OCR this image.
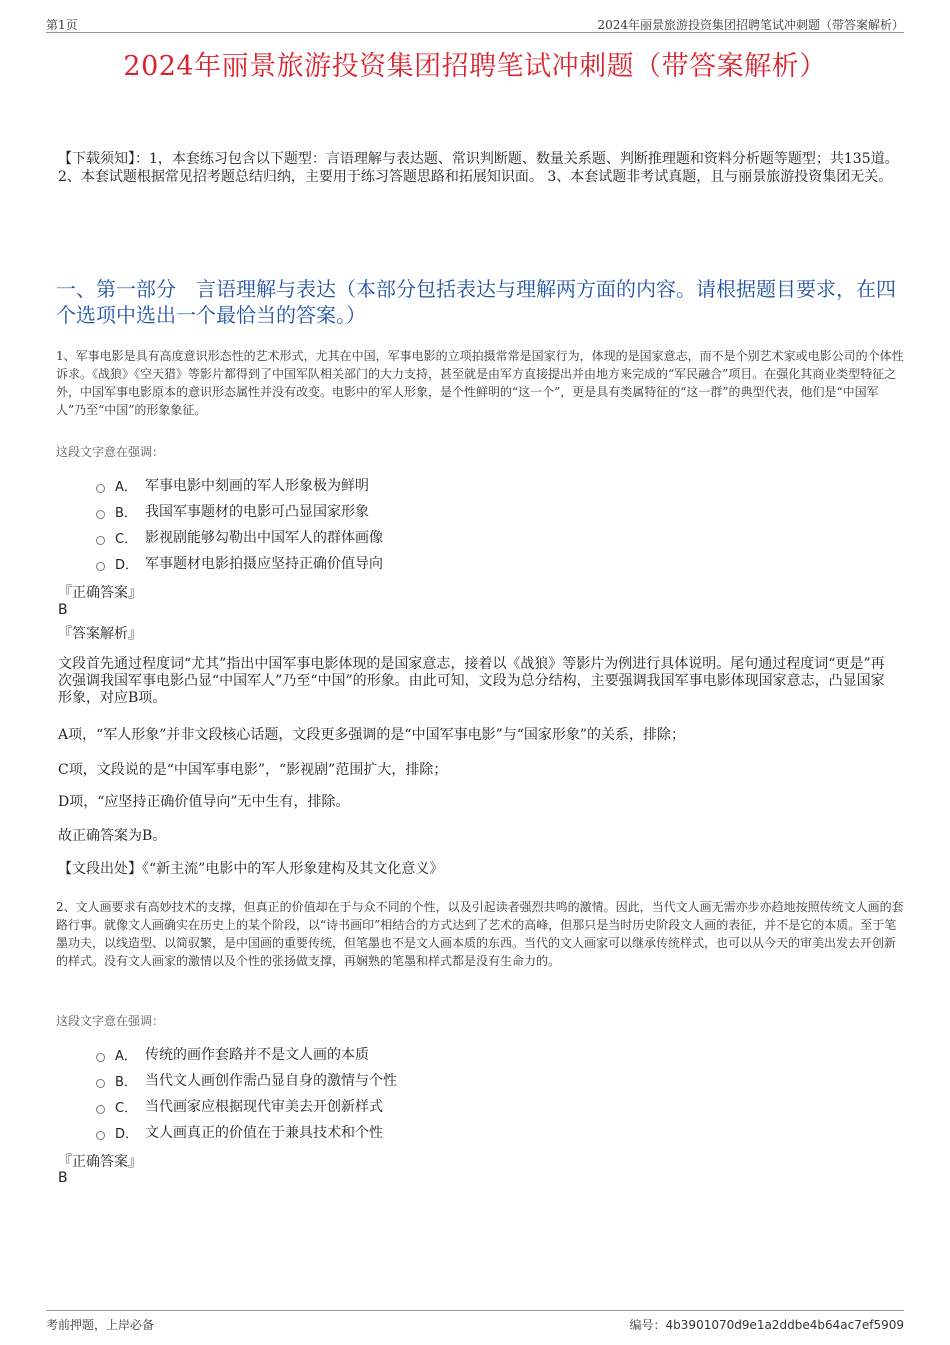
第1页	2024年丽景旅游投资集团招聘笔试冲刺题（带答案解析）
2024年丽景旅游投资集团招聘笔试冲刺题（带答案解析）
【下载须知】：1，本套练习包含以下题型：言语理解与表达题、常识判断题、数量关系题、判断推理题和资料分析题等题型；共135道。 2、本套试题根据常见招考题总结归纳，主要用于练习答题思路和拓展知识面。 3、本套试题非考试真题，且与丽景旅游投资集团无关。
一、第一部分　言语理解与表达（本部分包括表达与理解两方面的内容。请根据题目要求，在四个选项中选出一个最恰当的答案。）
1、军事电影是具有高度意识形态性的艺术形式，尤其在中国，军事电影的立项拍摄常常是国家行为，体现的是国家意志，而不是个别艺术家或电影公司的个体性诉求。《战狼》《空天猎》等影片都得到了中国军队相关部门的大力支持，甚至就是由军方直接提出并由地方来完成的“军民融合”项目。在强化其商业类型特征之外，中国军事电影原本的意识形态属性并没有改变。电影中的军人形象，是个性鲜明的“这一个”，更是具有类属特征的“这一群”的典型代表，他们是“中国军人”乃至“中国”的形象象征。
这段文字意在强调：
A． 军事电影中刻画的军人形象极为鲜明
B． 我国军事题材的电影可凸显国家形象
C． 影视剧能够勾勒出中国军人的群体画像
D． 军事题材电影拍摄应坚持正确价值导向
『正确答案』
B
『答案解析』
文段首先通过程度词“尤其”指出中国军事电影体现的是国家意志，接着以《战狼》等影片为例进行具体说明。尾句通过程度词“更是”再次强调我国军事电影凸显“中国军人”乃至“中国”的形象。由此可知，文段为总分结构，主要强调我国军事电影体现国家意志，凸显国家形象，对应B项。
A项，“军人形象”并非文段核心话题，文段更多强调的是“中国军事电影”与“国家形象”的关系，排除；
C项，文段说的是“中国军事电影”，“影视剧”范围扩大，排除；
D项，“应坚持正确价值导向”无中生有，排除。
故正确答案为B。
【文段出处】《“新主流”电影中的军人形象建构及其文化意义》
2、文人画要求有高妙技术的支撑，但真正的价值却在于与众不同的个性，以及引起读者强烈共鸣的激情。因此，当代文人画无需亦步亦趋地按照传统文人画的套路行事。就像文人画确实在历史上的某个阶段，以“诗书画印”相结合的方式达到了艺术的高峰，但那只是当时历史阶段文人画的表征，并不是它的本质。至于笔墨功夫，以线造型、以简驭繁，是中国画的重要传统，但笔墨也不是文人画本质的东西。当代的文人画家可以继承传统样式，也可以从今天的审美出发去开创新的样式。没有文人画家的激情以及个性的张扬做支撑，再娴熟的笔墨和样式都是没有生命力的。
这段文字意在强调：
A． 传统的画作套路并不是文人画的本质
B． 当代文人画创作需凸显自身的激情与个性
C． 当代画家应根据现代审美去开创新样式
D． 文人画真正的价值在于兼具技术和个性
『正确答案』
B
考前押题，上岸必备	编号：4b3901070d9e1a2ddbe4b64ac7ef5909
